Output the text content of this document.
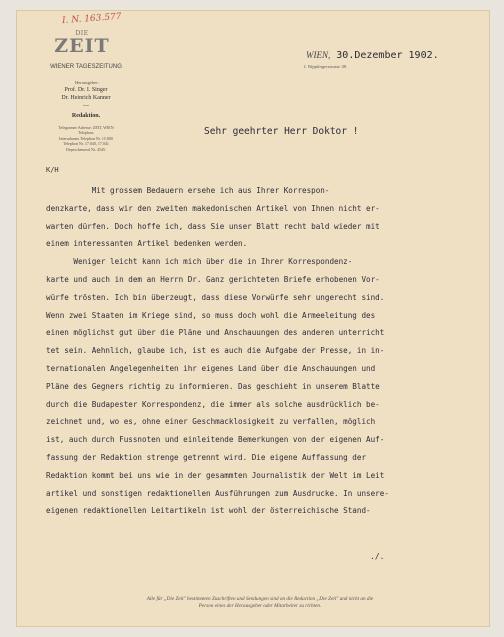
I. N. 163.577
DIE
ZEIT
WIENER TAGESZEITUNG
Herausgeber:
Prof. Dr. I. Singer
Dr. Heinrich Kanner
—
Redaktion.
Telegramm-Adresse: ZEIT, WIEN
Telephon:
Interurbanes Telephon Nr. 15.800
Telephon Nr. 17.040, 17.041
Depeschenzeal Nr. 4545.
WIEN, 30.Dezember 1902.
I. Wipplingerstrasse 38.
Sehr geehrter Herr Doktor !
K/H
Mit grossem Bedauern ersehe ich aus Ihrer Korrespon-
denzkarte, dass wir den zweiten makedonischen Artikel von Ihnen nicht er-
warten dürfen. Doch hoffe ich, dass Sie unser Blatt recht bald wieder mit
einem interessanten Artikel bedenken werden.
Weniger leicht kann ich mich über die in Ihrer Korrespondenz-
karte und auch in dem an Herrn Dr. Ganz gerichteten Briefe erhobenen Vor-
würfe trösten. Ich bin überzeugt, dass diese Vorwürfe sehr ungerecht sind.
Wenn zwei Staaten im Kriege sind, so muss doch wohl die Armeeleitung des
einen möglichst gut über die Pläne und Anschauungen des anderen unterricht
tet sein. Aehnlich, glaube ich, ist es auch die Aufgabe der Presse, in in-
ternationalen Angelegenheiten ihr eigenes Land über die Anschauungen und
Pläne des Gegners richtig zu informieren. Das geschieht in unserem Blatte
durch die Budapester Korrespondenz, die immer als solche ausdrücklich be-
zeichnet und, wo es, ohne einer Geschmacklosigkeit zu verfallen, möglich
ist, auch durch Fussnoten und einleitende Bemerkungen von der eigenen Auf-
fassung der Redaktion strenge getrennt wird. Die eigene Auffassung der
Redaktion kommt bei uns wie in der gesammten Journalistik der Welt im Leit
artikel und sonstigen redaktionellen Ausführungen zum Ausdrucke. In unsere-
eigenen redaktionellen Leitartikeln ist wohl der österreichische Stand-
./.
Alle für „Die Zeit" bestimmten Zuschriften und Sendungen sind an die Redaction „Die Zeit" und nicht an die
Person eines der Herausgeber oder Mitarbeiter zu richten.
